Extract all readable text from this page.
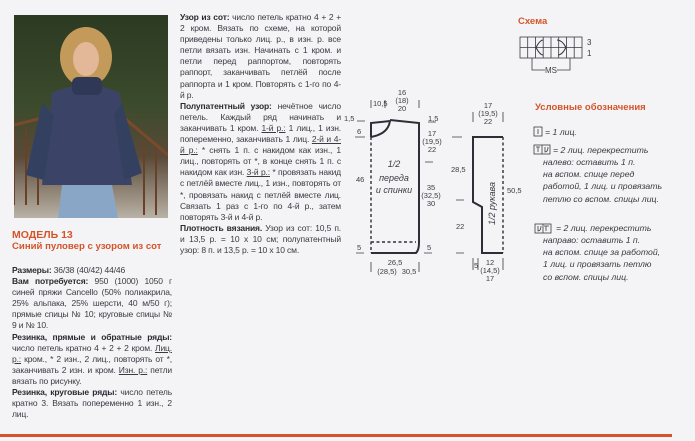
МОДЕЛЬ 13
Синий пуловер с узором из сот

Размеры: 36/38 (40/42) 44/46

Вам потребуется: 950 (1000) 1050 г синей пряжи Cancello (50% полиакрила, 25% альпака, 25% шерсти, 40 м/50 г); прямые спицы № 10; круговые спицы № 9 и № 10.

Резинка, прямые и обратные ряды: число петель кратно 4 + 2 + 2 кром. Лиц. р.: кром., * 2 изн., 2 лиц., повторять от *, заканчивать 2 изн. и кром. Изн. р.: петли вязать по рисунку.

Резинка, круговые ряды: число петель кратно 3. Вязать попеременно 1 изн., 2 лиц.

Узор из сот: число петель кратно 4 + 2 + 2 кром. Вязать по схеме, на которой приведены только лиц. р., в изн. р. все петли вязать изн. Начинать с 1 кром. и петли перед раппортом, повторять раппорт, заканчивать петлёй после раппорта и 1 кром. Повторять с 1-го по 4-й р.

Полупатентный узор: нечётное число петель. Каждый ряд начинать и заканчивать 1 кром. 1-й р.: 1 лиц., 1 изн. попеременно, заканчивать 1 лиц. 2-й и 4-й р.: * снять 1 п. с накидом как изн., 1 лиц., повторять от *, в конце снять 1 п. с накидом как изн. 3-й р.: * провязать накид с петлёй вместе лиц., 1 изн., повторять от *, провязать накид с петлёй вместе лиц. Связать 1 раз с 1-го по 4-й р., затем повторять 3-й и 4-й р.

Плотность вязания. Узор из сот: 10,5 п. и 13,5 р. = 10 x 10 см; полупатентный узор: 8 п. и 13,5 р. = 10 x 10 см.

10,5
16
(18)
20
1,5
6
46
5
1,5
17
(19,5)
22
35
(32,5)
30
5
26,5
(28,5) 30,5
17
(19,5)
22
28,5
22
50,5
5 12
(14,5)
17
1/2
переда
и спинки	1/2 рукава
Схема
3
1
MS
Условные обозначения

= 1 лиц.

= 2 лиц. перекрестить

налево: оставить 1 п.

на вспом. спице перед

работой, 1 лиц. и провязать

петлю со вспом. спицы лиц.

= 2 лиц. перекрестить

направо: оставить 1 п.

на вспом. спице за работой,

1 лиц. и провязать петлю

со вспом. спицы лиц.
